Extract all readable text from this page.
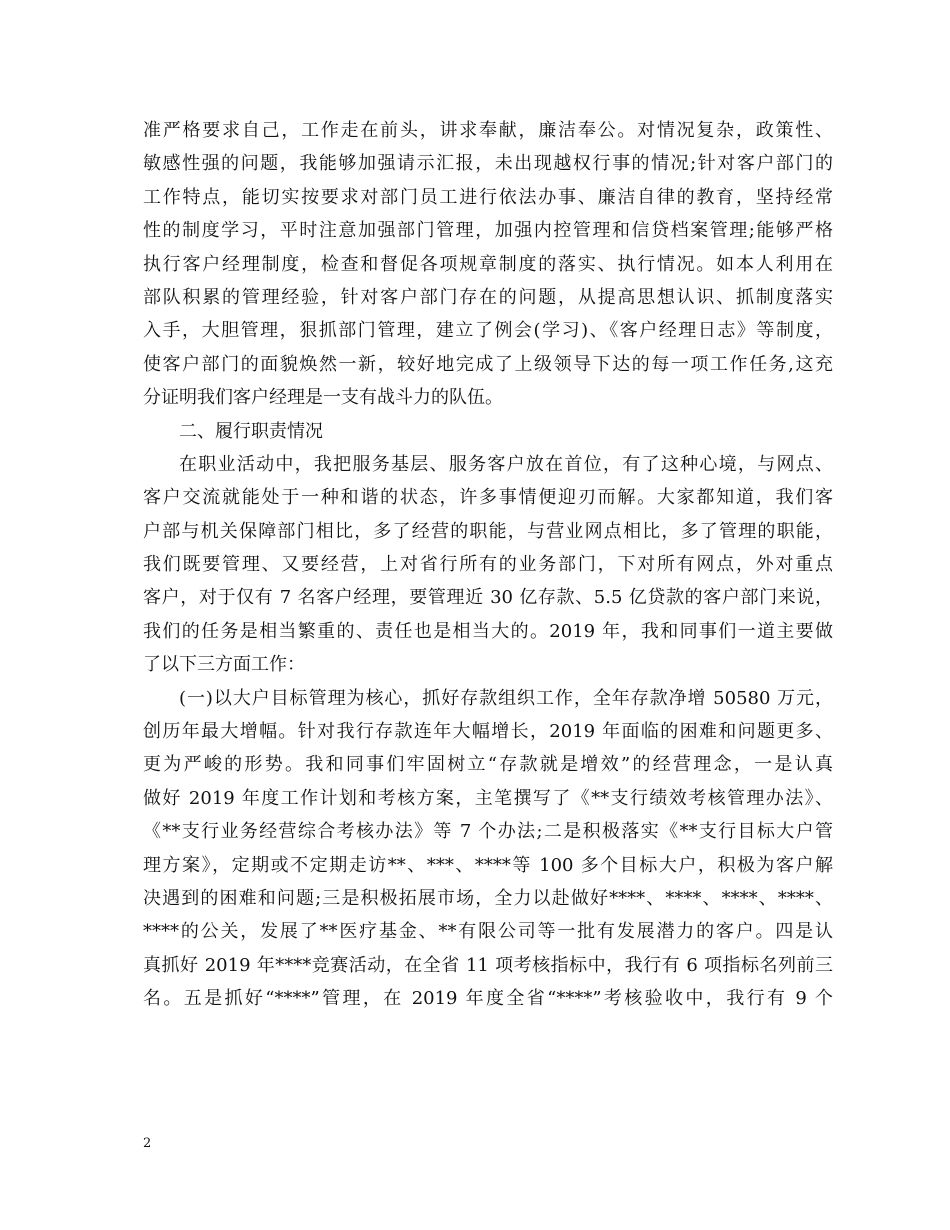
准严格要求自己，工作走在前头，讲求奉献，廉洁奉公。对情况复杂，政策性、
敏感性强的问题，我能够加强请示汇报，未出现越权行事的情况;针对客户部门的
工作特点，能切实按要求对部门员工进行依法办事、廉洁自律的教育，坚持经常
性的制度学习，平时注意加强部门管理，加强内控管理和信贷档案管理;能够严格
执行客户经理制度，检查和督促各项规章制度的落实、执行情况。如本人利用在
部队积累的管理经验，针对客户部门存在的问题，从提高思想认识、抓制度落实
入手，大胆管理，狠抓部门管理，建立了例会(学习)、《客户经理日志》等制度，
使客户部门的面貌焕然一新，较好地完成了上级领导下达的每一项工作任务,这充
分证明我们客户经理是一支有战斗力的队伍。
二、履行职责情况
在职业活动中，我把服务基层、服务客户放在首位，有了这种心境，与网点、
客户交流就能处于一种和谐的状态，许多事情便迎刃而解。大家都知道，我们客
户部与机关保障部门相比，多了经营的职能，与营业网点相比，多了管理的职能，
我们既要管理、又要经营，上对省行所有的业务部门，下对所有网点，外对重点
客户，对于仅有 7 名客户经理，要管理近 30 亿存款、5.5 亿贷款的客户部门来说，
我们的任务是相当繁重的、责任也是相当大的。2019 年，我和同事们一道主要做
了以下三方面工作：
(一)以大户目标管理为核心，抓好存款组织工作，全年存款净增 50580 万元，
创历年最大增幅。针对我行存款连年大幅增长，2019 年面临的困难和问题更多、
更为严峻的形势。我和同事们牢固树立“存款就是增效”的经营理念，一是认真
做好 2019 年度工作计划和考核方案，主笔撰写了《**支行绩效考核管理办法》、
《**支行业务经营综合考核办法》等 7 个办法;二是积极落实《**支行目标大户管
理方案》，定期或不定期走访**、***、****等 100 多个目标大户，积极为客户解
决遇到的困难和问题;三是积极拓展市场，全力以赴做好****、****、****、****、
****的公关，发展了**医疗基金、**有限公司等一批有发展潜力的客户。四是认
真抓好 2019 年****竞赛活动，在全省 11 项考核指标中，我行有 6 项指标名列前三
名。五是抓好“****”管理，在 2019 年度全省“****”考核验收中，我行有 9 个
2
